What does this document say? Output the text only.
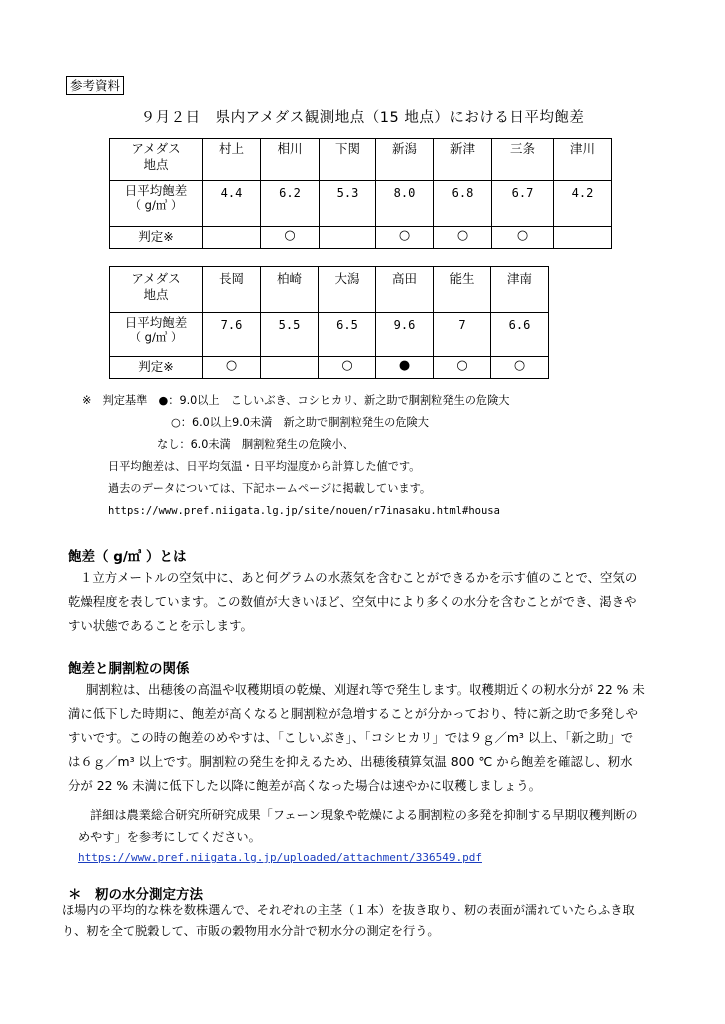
参考資料
９月２日　県内アメダス観測地点（15 地点）における日平均飽差
アメダス
地点	村上	相川	下関	新潟	新津	三条	津川

日平均飽差
（ g/㎥ ）	4.4	6.2	5.3	8.0	6.8	6.7	4.2

判定※		○		○	○	○	

アメダス
地点	長岡	柏崎	大潟	高田	能生	津南

日平均飽差
（ g/㎥ ）	7.6	5.5	6.5	9.6	7	6.6

判定※	○		○	●	○	○
※　判定基準　●：9.0以上　こしいぶき、コシヒカリ、新之助で胴割粒発生の危険大
○：6.0以上9.0未満　新之助で胴割粒発生の危険大
なし：6.0未満　胴割粒発生の危険小、
日平均飽差は、日平均気温・日平均湿度から計算した値です。
過去のデータについては、下記ホームページに掲載しています。
https://www.pref.niigata.lg.jp/site/nouen/r7inasaku.html#housa
飽差（ g/㎥ ）とは
１立方メートルの空気中に、あと何グラムの水蒸気を含むことができるかを示す値のことで、空気の
乾燥程度を表しています。この数値が大きいほど、空気中により多くの水分を含むことができ、渇きや
すい状態であることを示します。
飽差と胴割粒の関係
胴割粒は、出穂後の高温や収穫期頃の乾燥、刈遅れ等で発生します。収穫期近くの籾水分が 22 % 未
満に低下した時期に、飽差が高くなると胴割粒が急増することが分かっており、特に新之助で多発しや
すいです。この時の飽差のめやすは、「こしいぶき」、「コシヒカリ」では９ｇ／m³ 以上、「新之助」で
は６ｇ／m³ 以上です。胴割粒の発生を抑えるため、出穂後積算気温 800 ℃ から飽差を確認し、籾水
分が 22 % 未満に低下した以降に飽差が高くなった場合は速やかに収穫しましょう。
詳細は農業総合研究所研究成果「フェーン現象や乾燥による胴割粒の多発を抑制する早期収穫判断の
めやす」を参考にしてください。
https://www.pref.niigata.lg.jp/uploaded/attachment/336549.pdf
＊　籾の水分測定方法
ほ場内の平均的な株を数株選んで、それぞれの主茎（１本）を抜き取り、籾の表面が濡れていたらふき取
り、籾を全て脱穀して、市販の穀物用水分計で籾水分の測定を行う。
